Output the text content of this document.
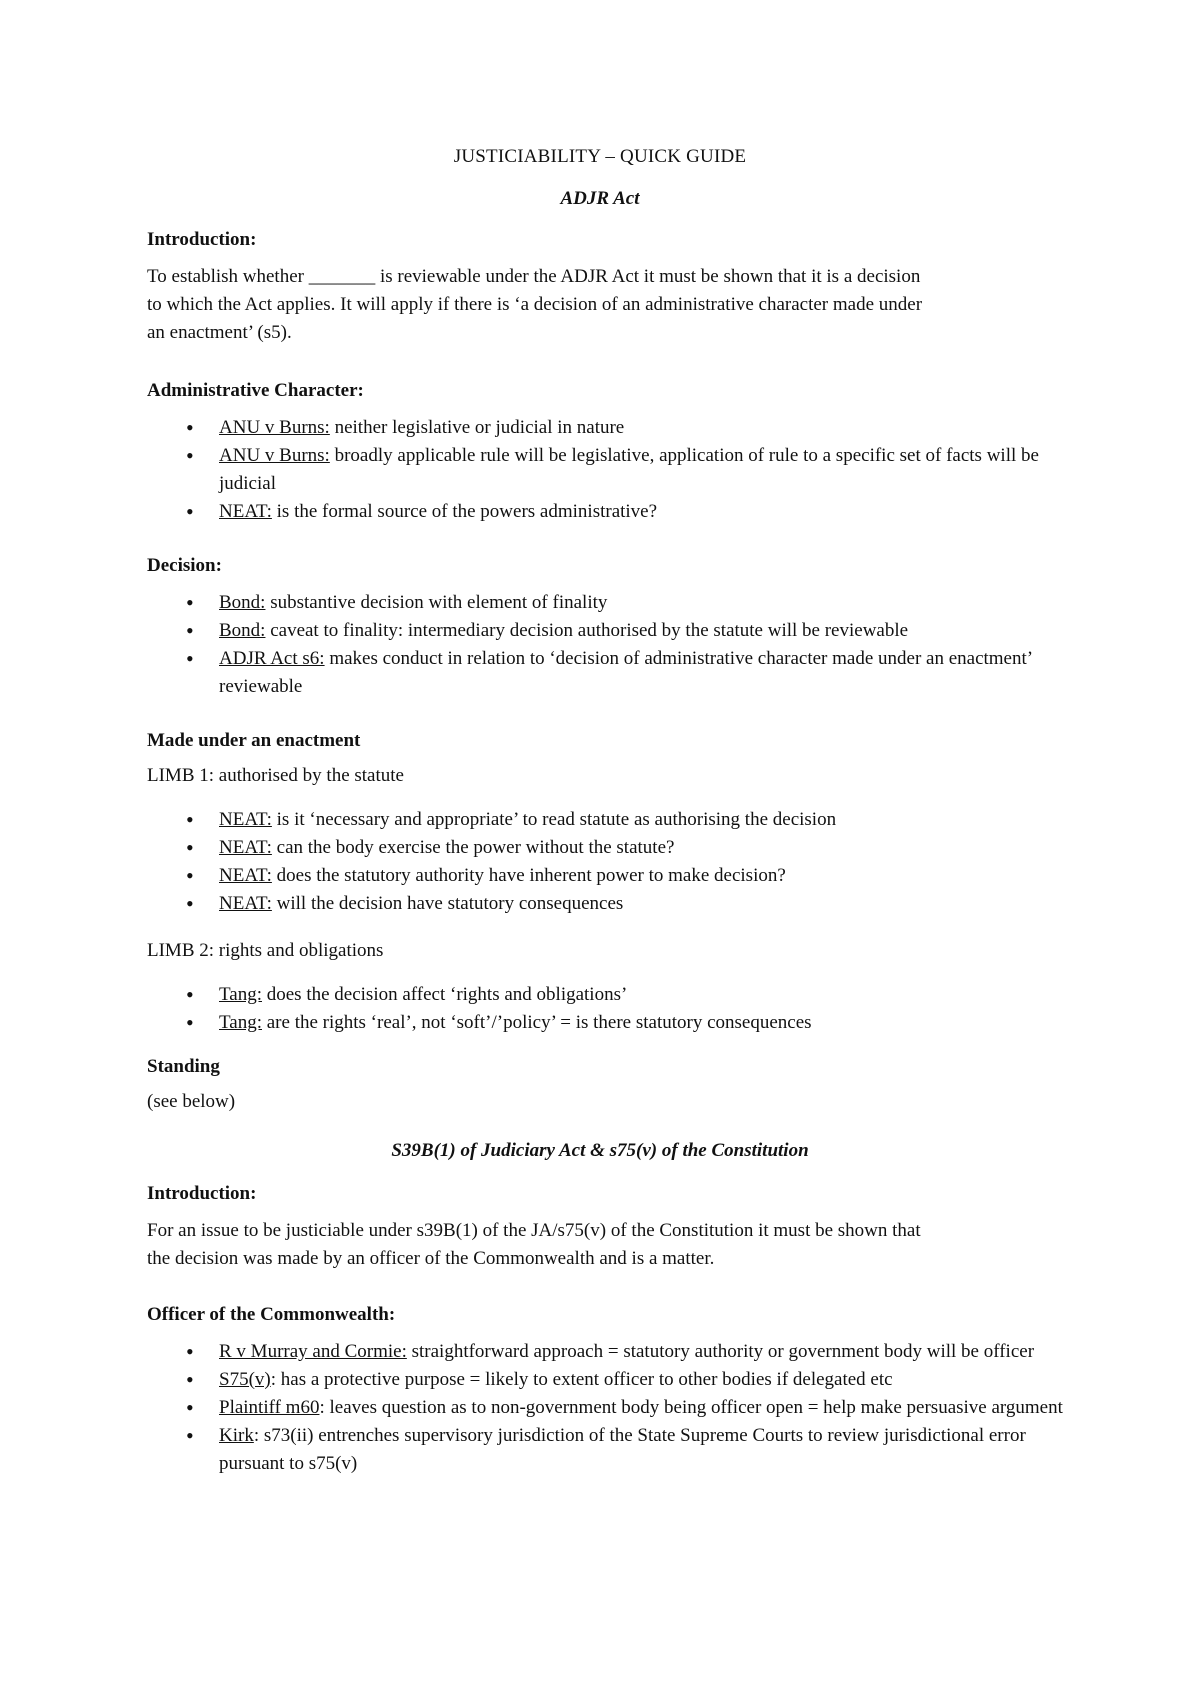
JUSTICIABILITY – QUICK GUIDE
ADJR Act
Introduction:
To establish whether _______ is reviewable under the ADJR Act it must be shown that it is a decision
to which the Act applies. It will apply if there is ‘a decision of an administrative character made under
an enactment’ (s5).
Administrative Character:
• ANU v Burns: neither legislative or judicial in nature
• ANU v Burns: broadly applicable rule will be legislative, application of rule to a specific set of facts will be judicial
• NEAT: is the formal source of the powers administrative?
Decision:
• Bond: substantive decision with element of finality
• Bond: caveat to finality: intermediary decision authorised by the statute will be reviewable
• ADJR Act s6: makes conduct in relation to ‘decision of administrative character made under an enactment’ reviewable
Made under an enactment
LIMB 1: authorised by the statute
• NEAT: is it ‘necessary and appropriate’ to read statute as authorising the decision
• NEAT: can the body exercise the power without the statute?
• NEAT: does the statutory authority have inherent power to make decision?
• NEAT: will the decision have statutory consequences
LIMB 2: rights and obligations
• Tang: does the decision affect ‘rights and obligations’
• Tang: are the rights ‘real’, not ‘soft’/’policy’ = is there statutory consequences
Standing
(see below)
S39B(1) of Judiciary Act & s75(v) of the Constitution
Introduction:
For an issue to be justiciable under s39B(1) of the JA/s75(v) of the Constitution it must be shown that
the decision was made by an officer of the Commonwealth and is a matter.
Officer of the Commonwealth:
• R v Murray and Cormie: straightforward approach = statutory authority or government body will be officer
• S75(v): has a protective purpose = likely to extent officer to other bodies if delegated etc
• Plaintiff m60: leaves question as to non-government body being officer open = help make persuasive argument
• Kirk: s73(ii) entrenches supervisory jurisdiction of the State Supreme Courts to review jurisdictional error pursuant to s75(v)
